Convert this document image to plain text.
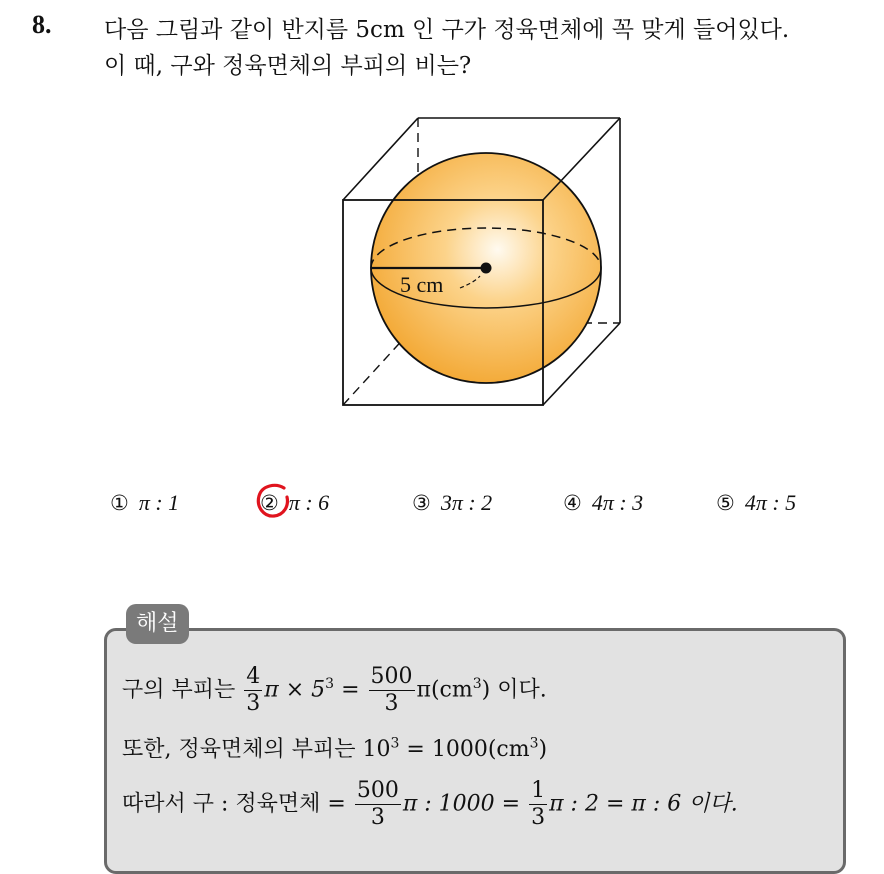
8. 다음 그림과 같이 반지름 5cm 인 구가 정육면체에 꼭 맞게 들어있다.
이 때, 구와 정육면체의 부피의 비는?
5 cm
① π : 1	② π : 6	③ 3π : 2	④ 4π : 3	⑤ 4π : 5
해설
구의 부피는 $\frac{4}{3}$ $\pi \times 5^3 = \frac{500}{3} \pi(cm^3)$ 이다.
또한, 정육면체의 부피는 $10^3 = 1000(cm^3)$
따라서 구 : 정육면체 = $\frac{500}{3}$ π : $1000 = \frac{1}{3}$ π : 2 = π : 6 이다.
